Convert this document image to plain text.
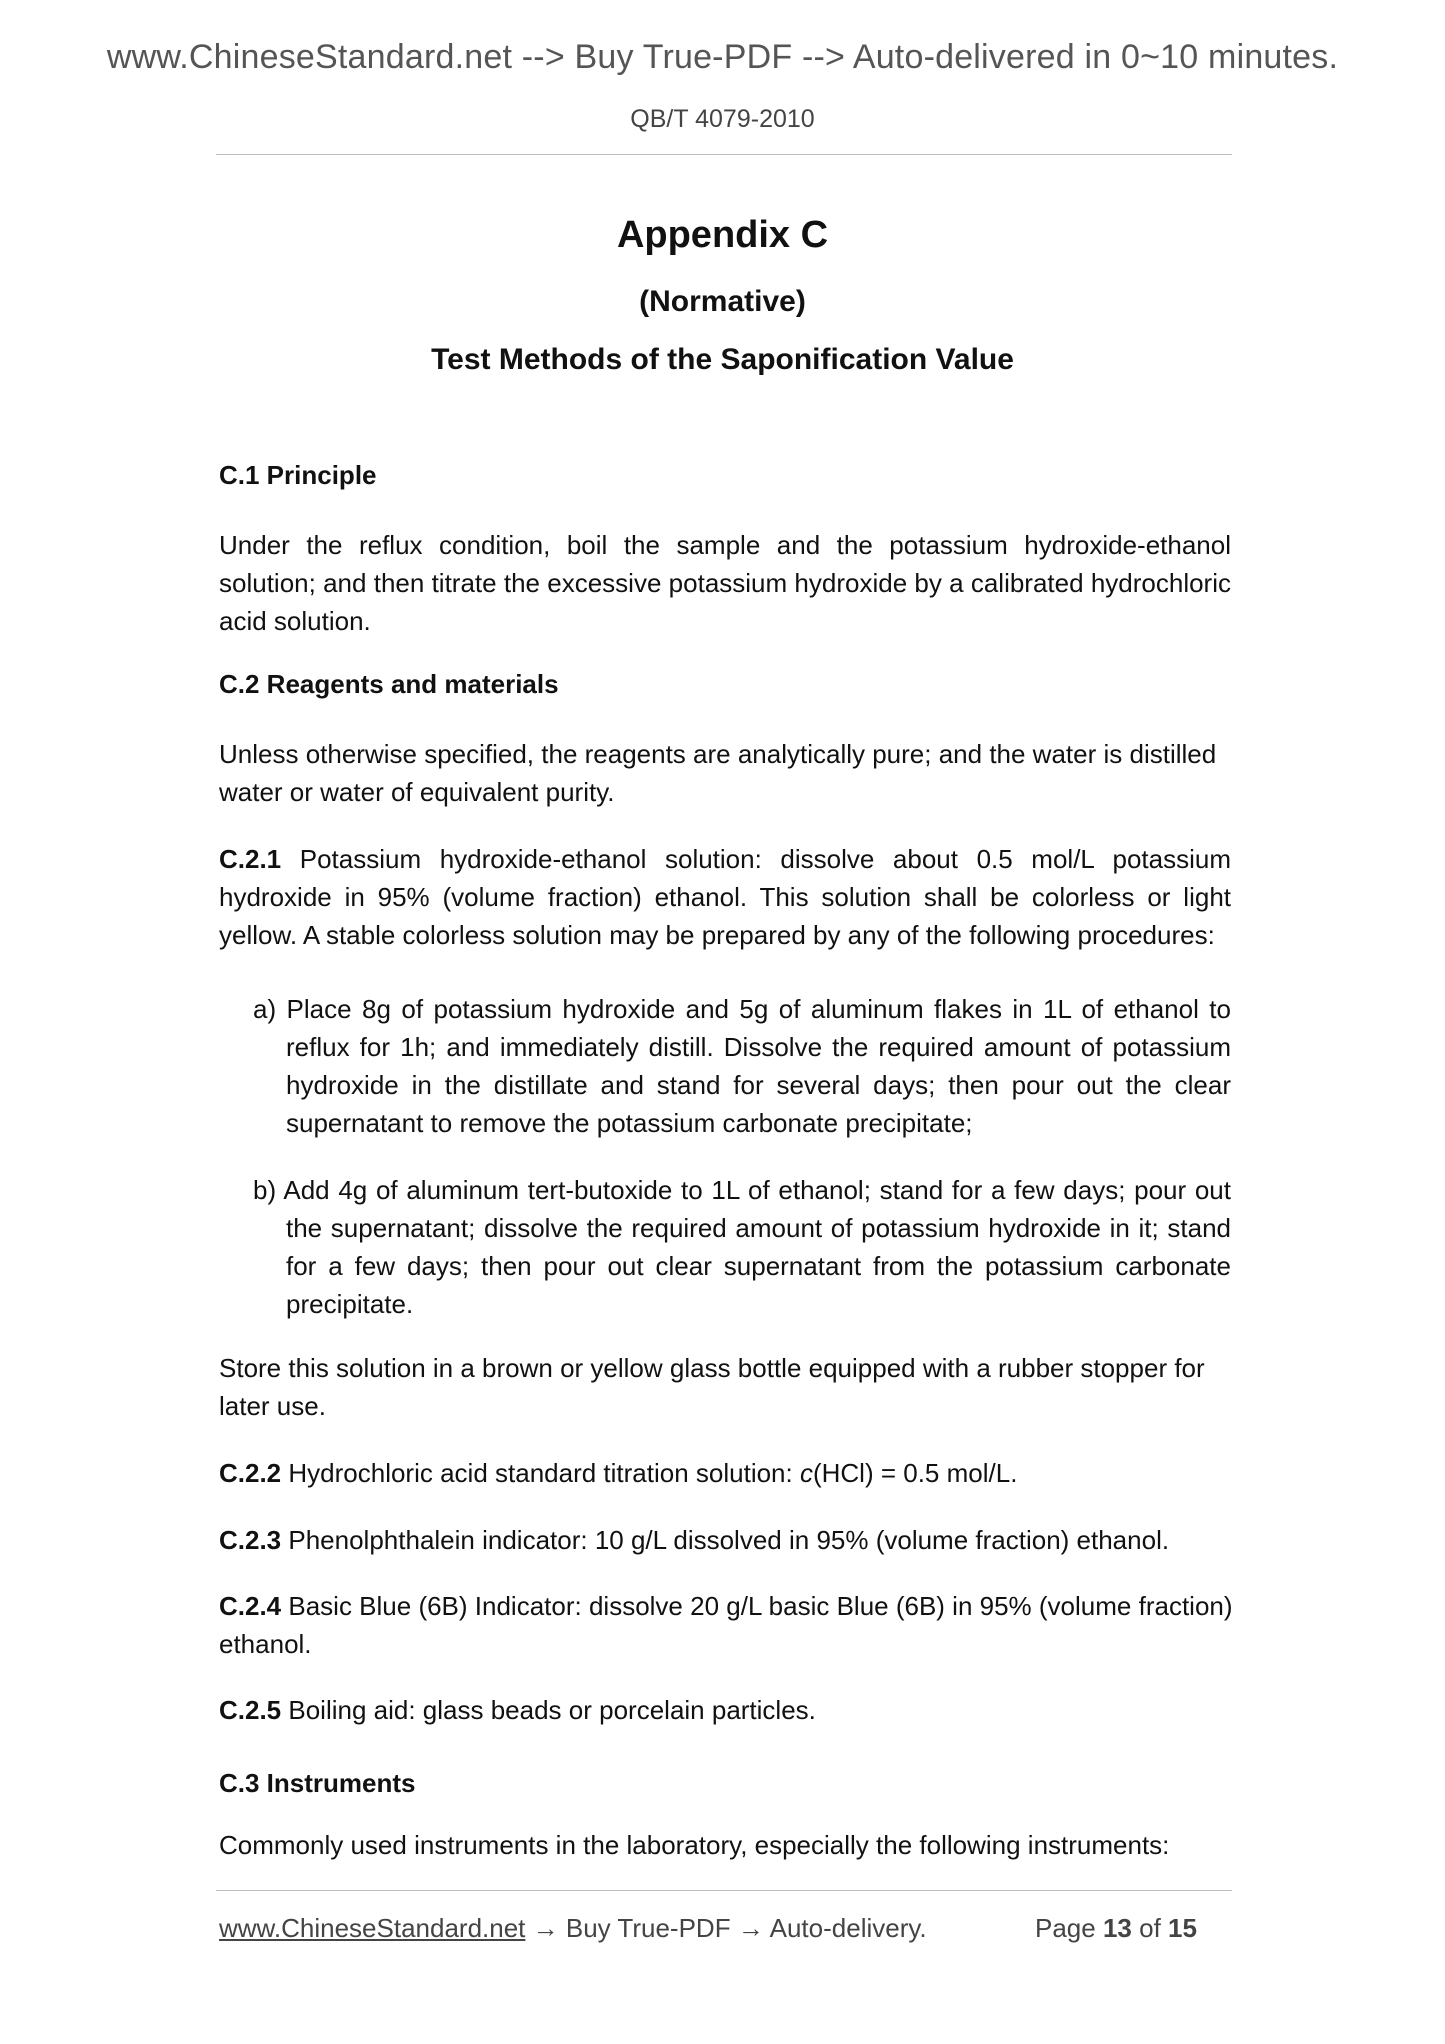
www.ChineseStandard.net --> Buy True-PDF --> Auto-delivered in 0~10 minutes.
QB/T 4079-2010
Appendix C
(Normative)
Test Methods of the Saponification Value
C.1 Principle
Under the reflux condition, boil the sample and the potassium hydroxide-ethanol solution; and then titrate the excessive potassium hydroxide by a calibrated hydrochloric acid solution.
C.2 Reagents and materials
Unless otherwise specified, the reagents are analytically pure; and the water is distilled water or water of equivalent purity.
C.2.1 Potassium hydroxide-ethanol solution: dissolve about 0.5 mol/L potassium hydroxide in 95% (volume fraction) ethanol. This solution shall be colorless or light yellow. A stable colorless solution may be prepared by any of the following procedures:
a) Place 8g of potassium hydroxide and 5g of aluminum flakes in 1L of ethanol to reflux for 1h; and immediately distill. Dissolve the required amount of potassium hydroxide in the distillate and stand for several days; then pour out the clear supernatant to remove the potassium carbonate precipitate;
b) Add 4g of aluminum tert-butoxide to 1L of ethanol; stand for a few days; pour out the supernatant; dissolve the required amount of potassium hydroxide in it; stand for a few days; then pour out clear supernatant from the potassium carbonate precipitate.
Store this solution in a brown or yellow glass bottle equipped with a rubber stopper for later use.
C.2.2 Hydrochloric acid standard titration solution: c(HCl) = 0.5 mol/L.
C.2.3 Phenolphthalein indicator: 10 g/L dissolved in 95% (volume fraction) ethanol.
C.2.4 Basic Blue (6B) Indicator: dissolve 20 g/L basic Blue (6B) in 95% (volume fraction) ethanol.
C.2.5 Boiling aid: glass beads or porcelain particles.
C.3 Instruments
Commonly used instruments in the laboratory, especially the following instruments:
www.ChineseStandard.net → Buy True-PDF → Auto-delivery.	Page 13 of 15
